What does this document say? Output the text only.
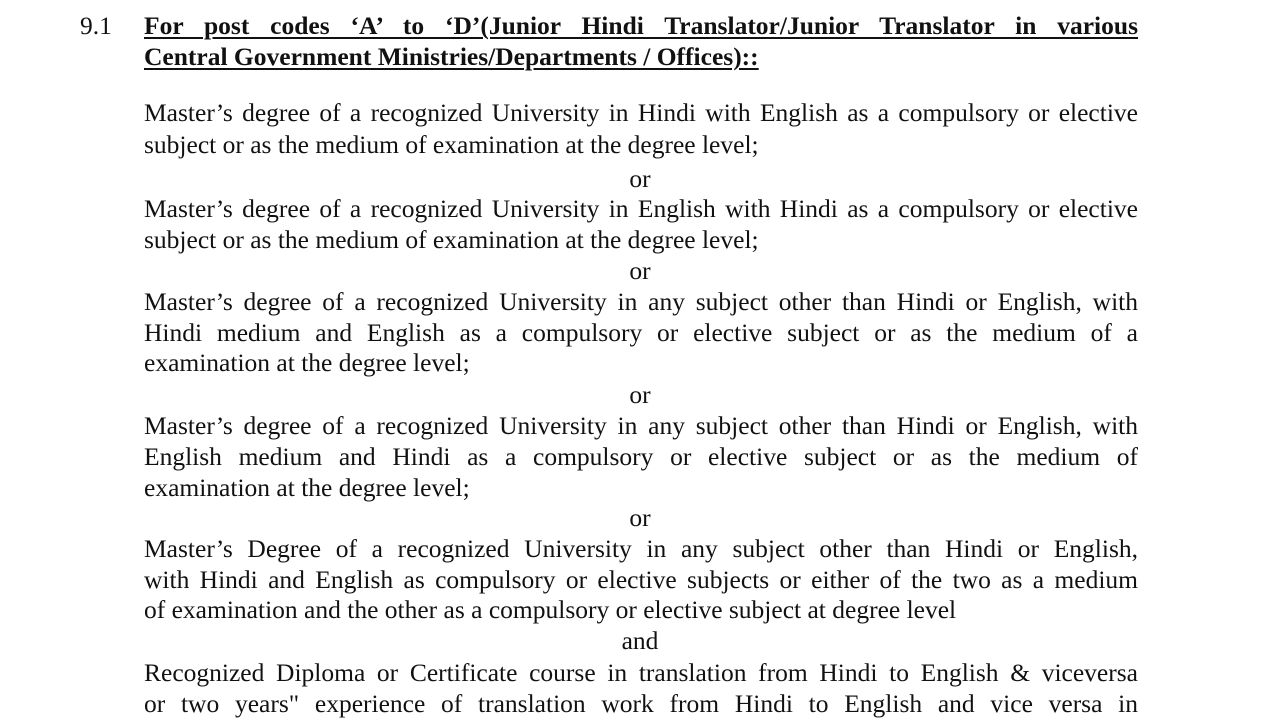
9.1 For post codes ‘A’ to ‘D’(Junior Hindi Translator/Junior Translator in various
Central Government Ministries/Departments / Offices)::
Master’s degree of a recognized University in Hindi with English as a compulsory or elective
subject or as the medium of examination at the degree level;
or
Master’s degree of a recognized University in English with Hindi as a compulsory or elective
subject or as the medium of examination at the degree level;
or
Master’s degree of a recognized University in any subject other than Hindi or English, with
Hindi medium and English as a compulsory or elective subject or as the medium of a
examination at the degree level;
or
Master’s degree of a recognized University in any subject other than Hindi or English, with
English medium and Hindi as a compulsory or elective subject or as the medium of
examination at the degree level;
or
Master’s Degree of a recognized University in any subject other than Hindi or English,
with Hindi and English as compulsory or elective subjects or either of the two as a medium
of examination and the other as a compulsory or elective subject at degree level
and
Recognized Diploma or Certificate course in translation from Hindi to English & viceversa
or two years" experience of translation work from Hindi to English and vice versa in
